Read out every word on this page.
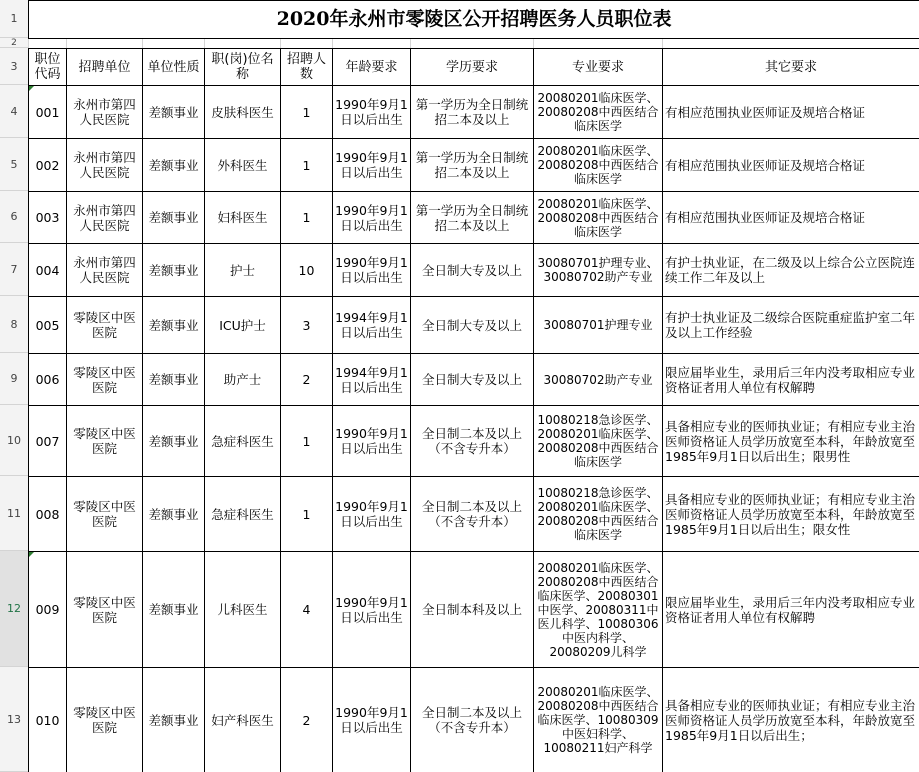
1
2
3
4
5
6
7
8
9
10
11
12
13
2020年永州市零陵区公开招聘医务人员职位表								

职位代码	招聘单位	单位性质	职(岗)位名称	招聘人数	年龄要求	学历要求	专业要求	其它要求
001	永州市第四人民医院	差额事业	皮肤科医生	1	1990年9月1日以后出生	第一学历为全日制统招二本及以上	20080201临床医学、20080208中西医结合临床医学	有相应范围执业医师证及规培合格证
002	永州市第四人民医院	差额事业	外科医生	1	1990年9月1日以后出生	第一学历为全日制统招二本及以上	20080201临床医学、20080208中西医结合临床医学	有相应范围执业医师证及规培合格证
003	永州市第四人民医院	差额事业	妇科医生	1	1990年9月1日以后出生	第一学历为全日制统招二本及以上	20080201临床医学、20080208中西医结合临床医学	有相应范围执业医师证及规培合格证
004	永州市第四人民医院	差额事业	护士	10	1990年9月1日以后出生	全日制大专及以上	30080701护理专业、30080702助产专业	有护士执业证，在二级及以上综合公立医院连续工作二年及以上
005	零陵区中医医院	差额事业	ICU护士	3	1994年9月1日以后出生	全日制大专及以上	30080701护理专业	有护士执业证及二级综合医院重症监护室二年及以上工作经验
006	零陵区中医医院	差额事业	助产士	2	1994年9月1日以后出生	全日制大专及以上	30080702助产专业	限应届毕业生，录用后三年内没考取相应专业资格证者用人单位有权解聘
007	零陵区中医医院	差额事业	急症科医生	1	1990年9月1日以后出生	全日制二本及以上（不含专升本）	10080218急诊医学、20080201临床医学、20080208中西医结合临床医学	具备相应专业的医师执业证；有相应专业主治医师资格证人员学历放宽至本科，年龄放宽至1985年9月1日以后出生；限男性
008	零陵区中医医院	差额事业	急症科医生	1	1990年9月1日以后出生	全日制二本及以上（不含专升本）	10080218急诊医学、20080201临床医学、20080208中西医结合临床医学	具备相应专业的医师执业证；有相应专业主治医师资格证人员学历放宽至本科，年龄放宽至1985年9月1日以后出生；限女性
009	零陵区中医医院	差额事业	儿科医生	4	1990年9月1日以后出生	全日制本科及以上	20080201临床医学、20080208中西医结合临床医学、20080301中医学、20080311中医儿科学、10080306中医内科学、20080209儿科学	限应届毕业生，录用后三年内没考取相应专业资格证者用人单位有权解聘
010	零陵区中医医院	差额事业	妇产科医生	2	1990年9月1日以后出生	全日制二本及以上（不含专升本）	20080201临床医学、20080208中西医结合临床医学、10080309中医妇科学、10080211妇产科学	具备相应专业的医师执业证；有相应专业主治医师资格证人员学历放宽至本科，年龄放宽至1985年9月1日以后出生；
